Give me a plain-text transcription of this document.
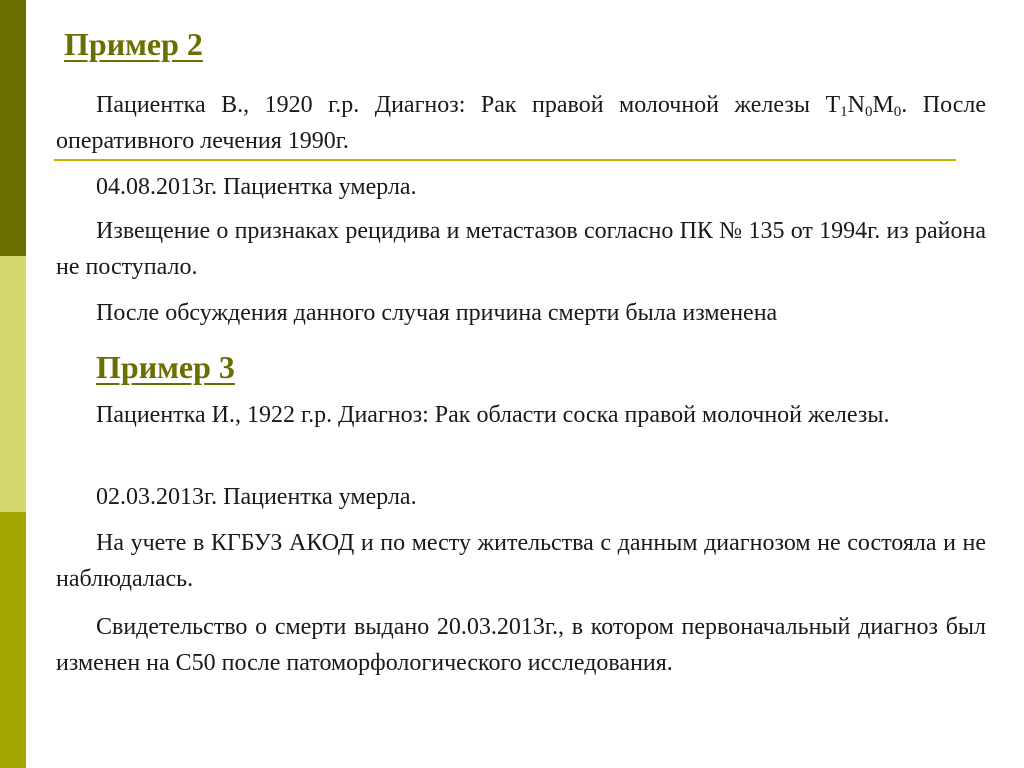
Пример 2

Пациентка В., 1920 г.р. Диагноз: Рак правой молочной железы $T_1N_0M_0$. После оперативного лечения 1990г.

04.08.2013г. Пациентка умерла.

Извещение о признаках рецидива и метастазов согласно ПК № 135 от 1994г. из района не поступало.

После обсуждения данного случая причина смерти была изменена

Пример 3

Пациентка И., 1922 г.р. Диагноз: Рак области соска правой молочной железы.

02.03.2013г. Пациентка умерла.

На учете в КГБУЗ АКОД и по месту жительства с данным диагнозом не состояла и не наблюдалась.

Свидетельство о смерти выдано 20.03.2013г., в котором первоначальный диагноз был изменен на С50 после патоморфологического исследования.
